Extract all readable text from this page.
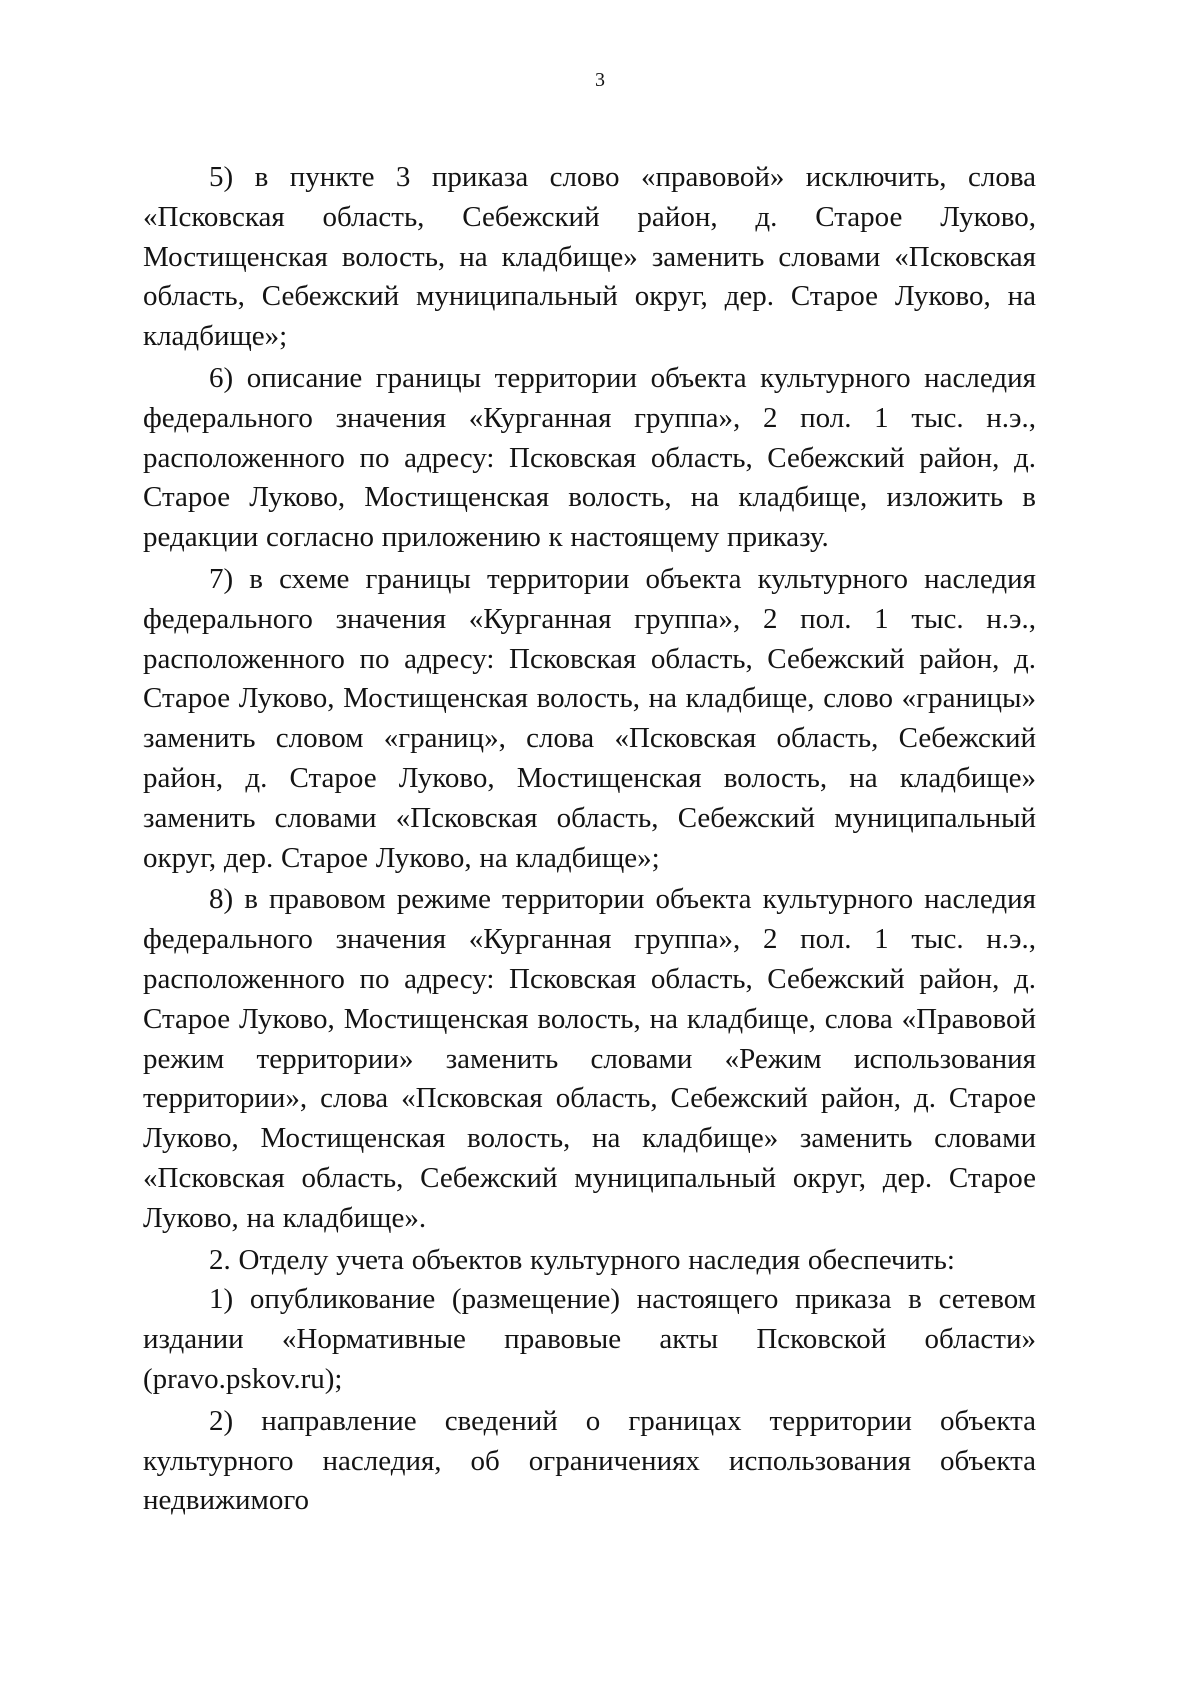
3

5) в пункте 3 приказа слово «правовой» исключить, слова «Псковская область, Себежский район, д. Старое Луково, Мостищенская волость, на кладбище» заменить словами «Псковская область, Себежский муниципальный округ, дер. Старое Луково, на кладбище»;

6) описание границы территории объекта культурного наследия федерального значения «Курганная группа», 2 пол. 1 тыс. н.э., расположенного по адресу: Псковская область, Себежский район, д. Старое Луково, Мостищенская волость, на кладбище, изложить в редакции согласно приложению к настоящему приказу.

7) в схеме границы территории объекта культурного наследия федерального значения «Курганная группа», 2 пол. 1 тыс. н.э., расположенного по адресу: Псковская область, Себежский район, д. Старое Луково, Мостищенская волость, на кладбище, слово «границы» заменить словом «границ», слова «Псковская область, Себежский район, д. Старое Луково, Мостищенская волость, на кладбище» заменить словами «Псковская область, Себежский муниципальный округ, дер. Старое Луково, на кладбище»;

8) в правовом режиме территории объекта культурного наследия федерального значения «Курганная группа», 2 пол. 1 тыс. н.э., расположенного по адресу: Псковская область, Себежский район, д. Старое Луково, Мостищенская волость, на кладбище, слова «Правовой режим территории» заменить словами «Режим использования территории», слова «Псковская область, Себежский район, д. Старое Луково, Мостищенская волость, на кладбище» заменить словами «Псковская область, Себежский муниципальный округ, дер. Старое Луково, на кладбище».

2. Отделу учета объектов культурного наследия обеспечить:

1) опубликование (размещение) настоящего приказа в сетевом издании «Нормативные правовые акты Псковской области» (pravo.pskov.ru);

2) направление сведений о границах территории объекта культурного наследия, об ограничениях использования объекта недвижимого
